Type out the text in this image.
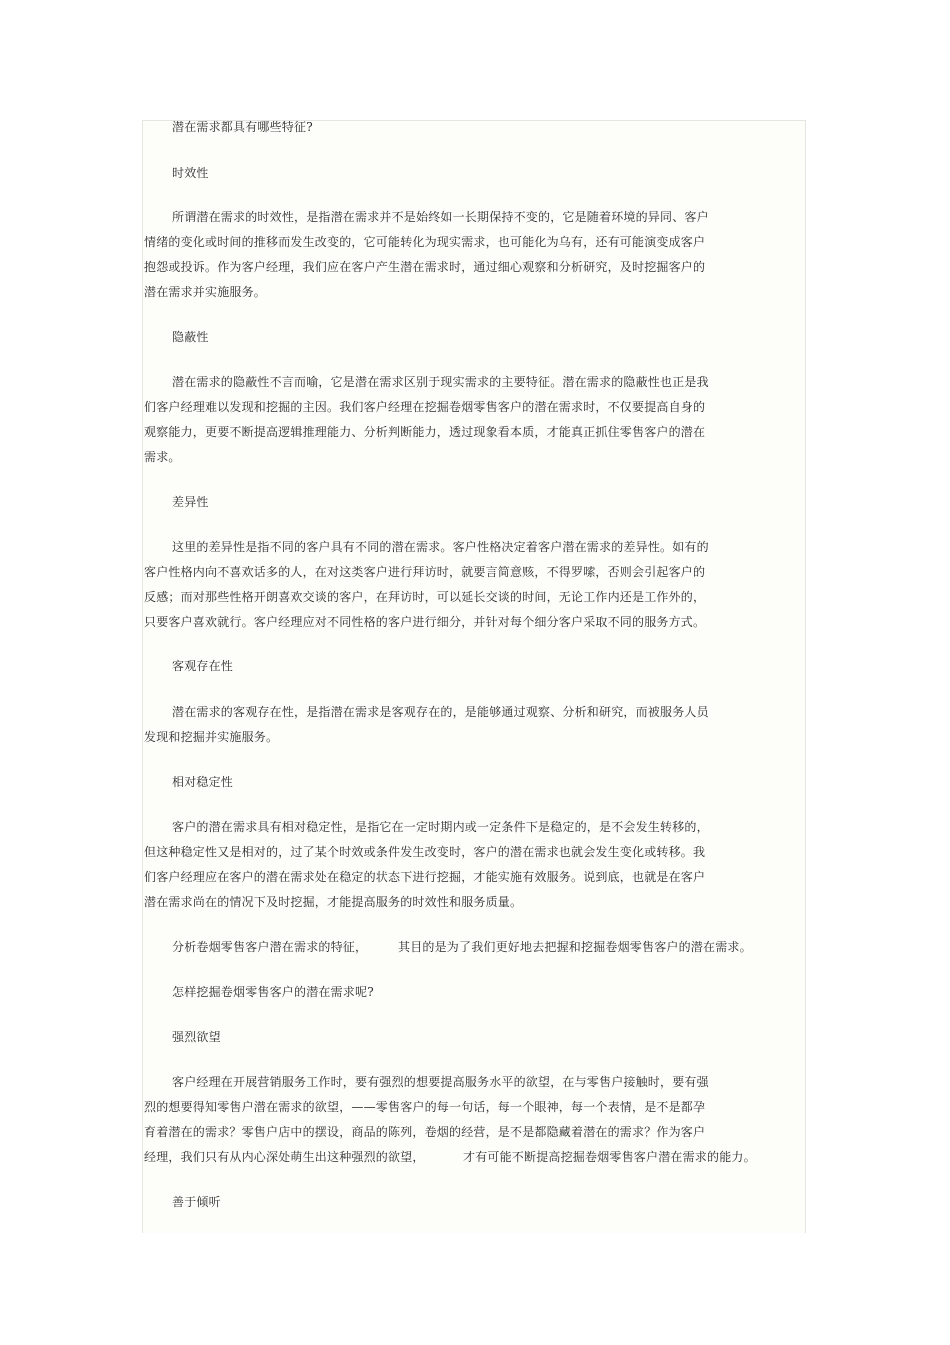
潜在需求都具有哪些特征?
时效性
所谓潜在需求的时效性，是指潜在需求并不是始终如一长期保持不变的，它是随着环境的异同、客户
情绪的变化或时间的推移而发生改变的，它可能转化为现实需求，也可能化为乌有，还有可能演变成客户
抱怨或投诉。作为客户经理，我们应在客户产生潜在需求时，通过细心观察和分析研究，及时挖掘客户的
潜在需求并实施服务。
隐蔽性
潜在需求的隐蔽性不言而喻，它是潜在需求区别于现实需求的主要特征。潜在需求的隐蔽性也正是我
们客户经理难以发现和挖掘的主因。我们客户经理在挖掘卷烟零售客户的潜在需求时，不仅要提高自身的
观察能力，更要不断提高逻辑推理能力、分析判断能力，透过现象看本质，才能真正抓住零售客户的潜在
需求。
差异性
这里的差异性是指不同的客户具有不同的潜在需求。客户性格决定着客户潜在需求的差异性。如有的
客户性格内向不喜欢话多的人，在对这类客户进行拜访时，就要言简意赅，不得罗嗦，否则会引起客户的
反感；而对那些性格开朗喜欢交谈的客户，在拜访时，可以延长交谈的时间，无论工作内还是工作外的，
只要客户喜欢就行。客户经理应对不同性格的客户进行细分，并针对每个细分客户采取不同的服务方式。
客观存在性
潜在需求的客观存在性，是指潜在需求是客观存在的，是能够通过观察、分析和研究，而被服务人员
发现和挖掘并实施服务。
相对稳定性
客户的潜在需求具有相对稳定性，是指它在一定时期内或一定条件下是稳定的，是不会发生转移的，
但这种稳定性又是相对的，过了某个时效或条件发生改变时，客户的潜在需求也就会发生变化或转移。我
们客户经理应在客户的潜在需求处在稳定的状态下进行挖掘，才能实施有效服务。说到底，也就是在客户
潜在需求尚在的情况下及时挖掘，才能提高服务的时效性和服务质量。
分析卷烟零售客户潜在需求的特征，	其目的是为了我们更好地去把握和挖掘卷烟零售客户的潜在需求。
怎样挖掘卷烟零售客户的潜在需求呢?
强烈欲望
客户经理在开展营销服务工作时，要有强烈的想要提高服务水平的欲望，在与零售户接触时，要有强
烈的想要得知零售户潜在需求的欲望，——零售客户的每一句话，每一个眼神，每一个表情，是不是都孕
育着潜在的需求？零售户店中的摆设，商品的陈列，卷烟的经营，是不是都隐藏着潜在的需求？作为客户
经理，我们只有从内心深处萌生出这种强烈的欲望，	才有可能不断提高挖掘卷烟零售客户潜在需求的能力。
善于倾听
